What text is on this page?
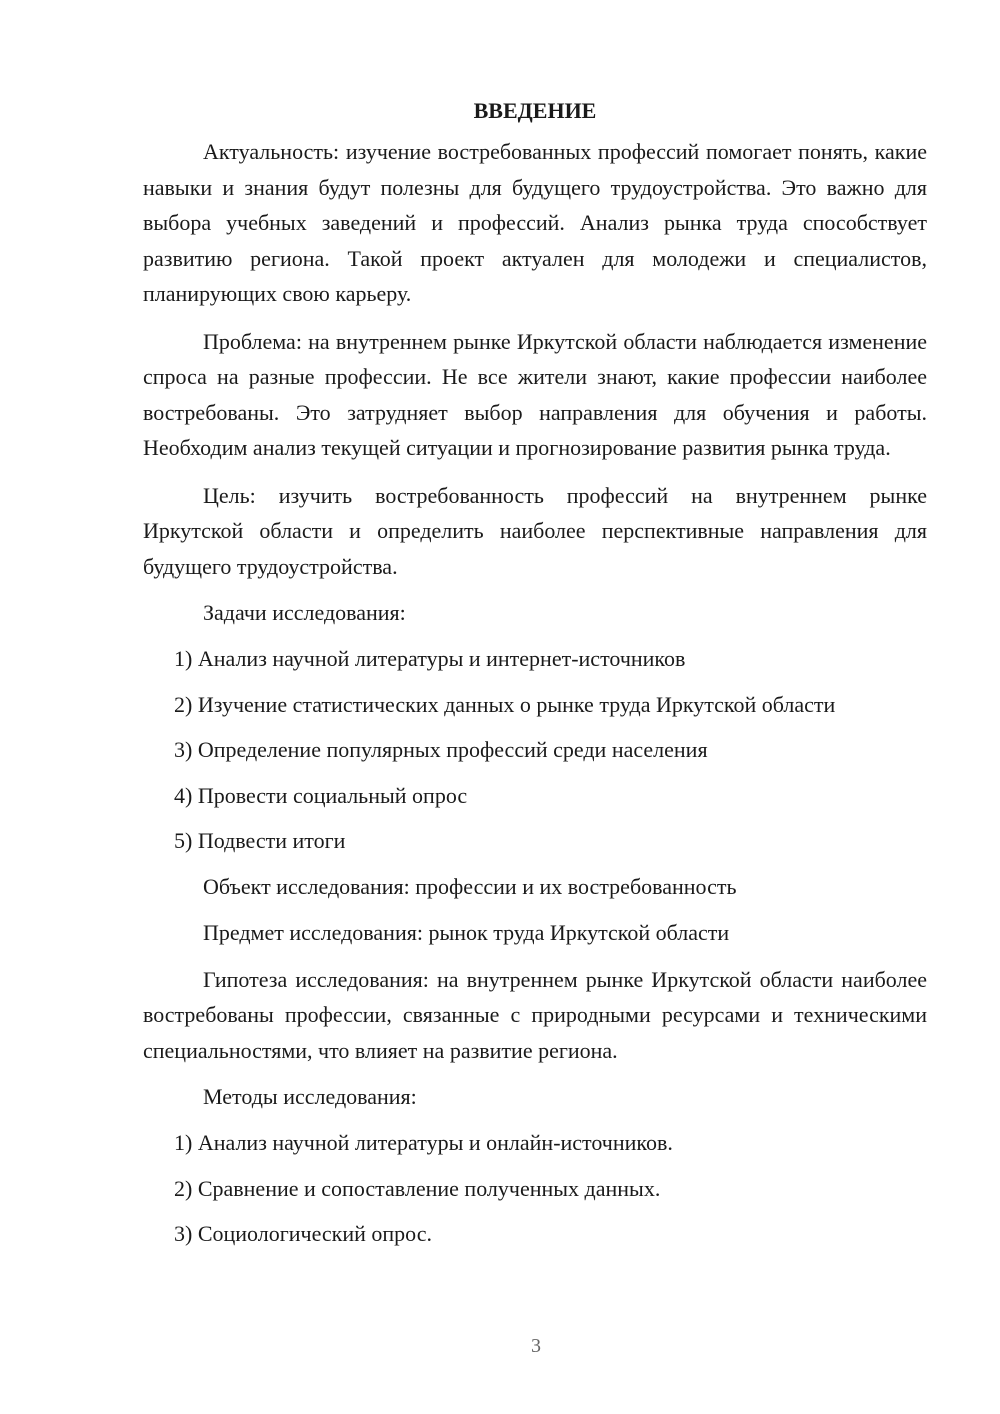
ВВЕДЕНИЕ

Актуальность: изучение востребованных профессий помогает понять, какие навыки и знания будут полезны для будущего трудоустройства. Это важно для выбора учебных заведений и профессий. Анализ рынка труда способствует развитию региона. Такой проект актуален для молодежи и специалистов, планирующих свою карьеру.

Проблема: на внутреннем рынке Иркутской области наблюдается изменение спроса на разные профессии. Не все жители знают, какие профессии наиболее востребованы. Это затрудняет выбор направления для обучения и работы. Необходим анализ текущей ситуации и прогнозирование развития рынка труда.

Цель: изучить востребованность профессий на внутреннем рынке Иркутской области и определить наиболее перспективные направления для будущего трудоустройства.

Задачи исследования:
1) Анализ научной литературы и интернет-источников
2) Изучение статистических данных о рынке труда Иркутской области
3) Определение популярных профессий среди населения
4) Провести социальный опрос
5) Подвести итоги
Объект исследования: профессии и их востребованность
Предмет исследования: рынок труда Иркутской области

Гипотеза исследования: на внутреннем рынке Иркутской области наиболее востребованы профессии, связанные с природными ресурсами и техническими специальностями, что влияет на развитие региона.

Методы исследования:
1) Анализ научной литературы и онлайн-источников.
2) Сравнение и сопоставление полученных данных.
3) Социологический опрос.
3
